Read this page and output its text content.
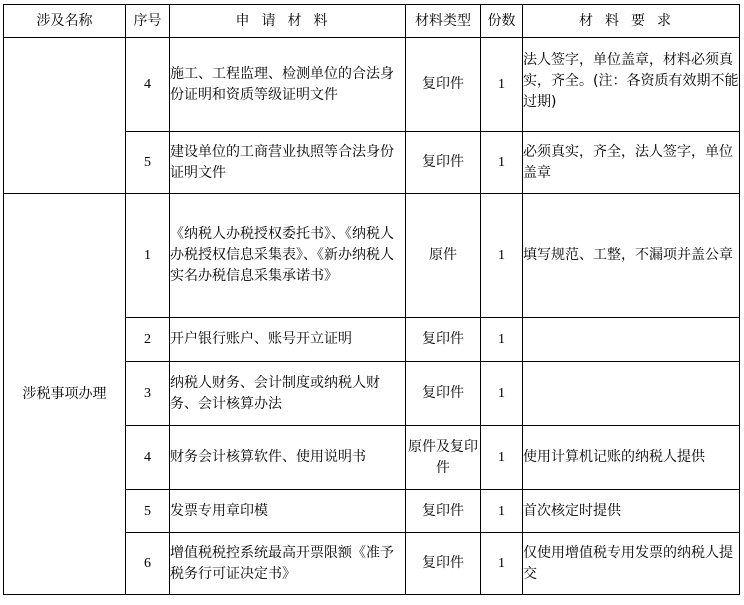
涉及名称	序号	申请材料	材料类型	份数	材料要求
	4	施工、工程监理、检测单位的合法身份证明和资质等级证明文件	复印件	1	法人签字，单位盖章，材料必须真实，齐全。(注：各资质有效期不能过期)
	5	建设单位的工商营业执照等合法身份证明文件	复印件	1	必须真实，齐全，法人签字，单位盖章
涉税事项办理	1	《纳税人办税授权委托书》、《纳税人办税授权信息采集表》、《新办纳税人实名办税信息采集承诺书》	原件	1	填写规范、工整，不漏项并盖公章
	2	开户银行账户、账号开立证明	复印件	1	
	3	纳税人财务、会计制度或纳税人财务、会计核算办法	复印件	1	
	4	财务会计核算软件、使用说明书	原件及复印件	1	使用计算机记账的纳税人提供
	5	发票专用章印模	复印件	1	首次核定时提供
	6	增值税税控系统最高开票限额《准予税务行可证决定书》	复印件	1	仅使用增值税专用发票的纳税人提交
